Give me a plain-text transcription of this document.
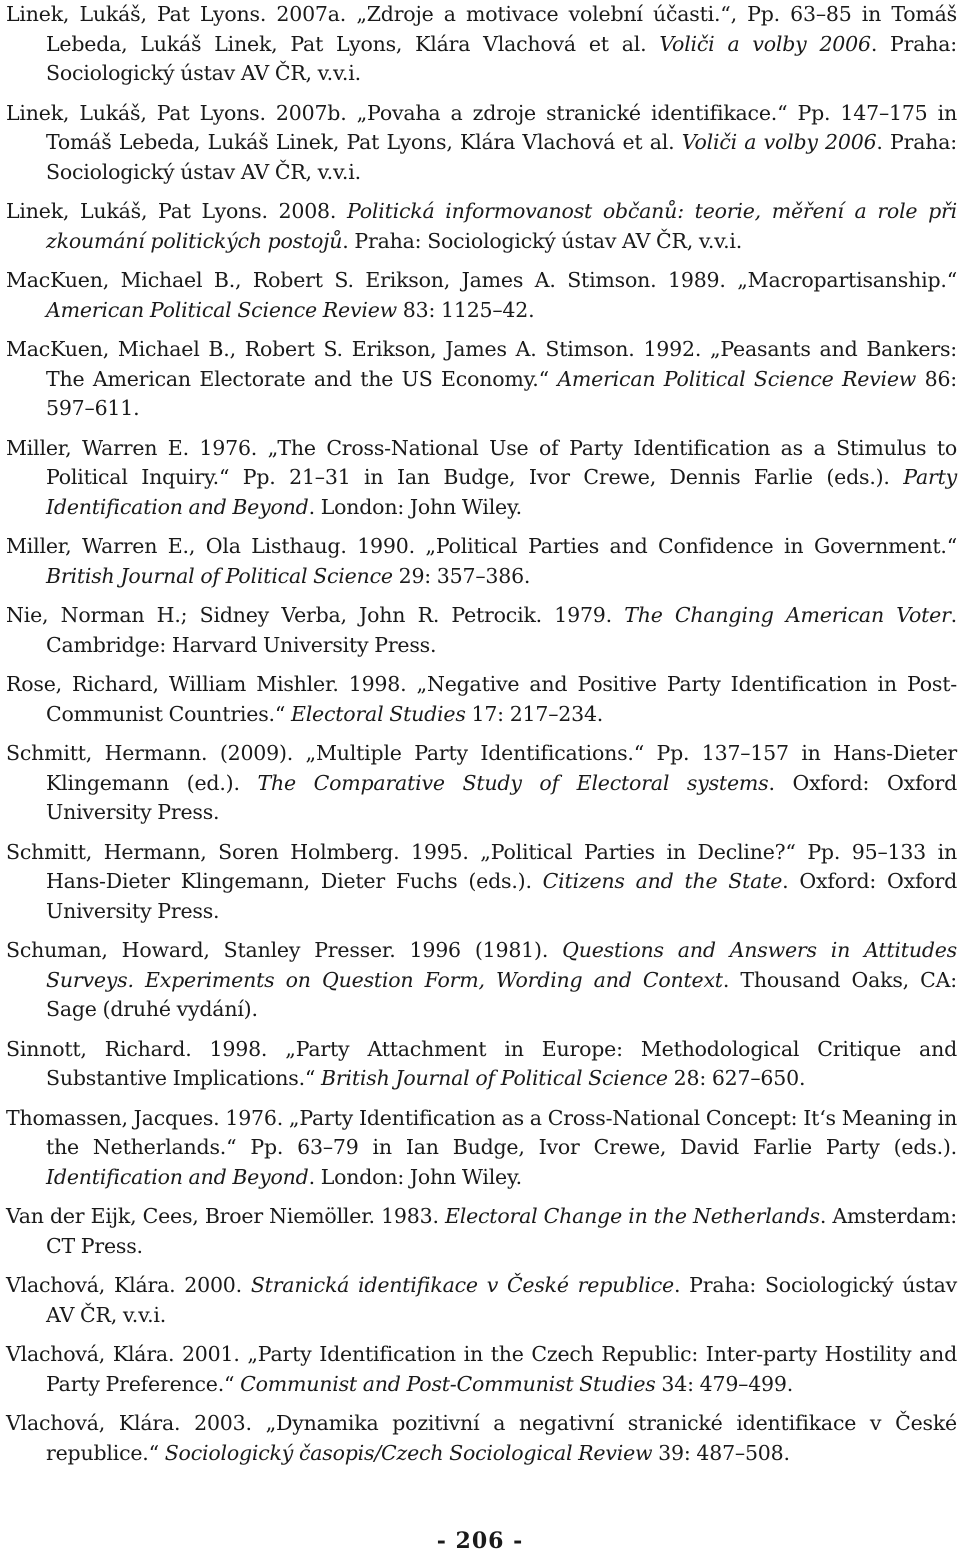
Linek, Lukáš, Pat Lyons. 2007a. „Zdroje a motivace volební účasti.“, Pp. 63–85 in Tomáš Lebeda, Lukáš Linek, Pat Lyons, Klára Vlachová et al. Voliči a volby 2006. Praha: Sociologický ústav AV ČR, v.v.i.

Linek, Lukáš, Pat Lyons. 2007b. „Povaha a zdroje stranické identifikace.“ Pp. 147–175 in Tomáš Lebeda, Lukáš Linek, Pat Lyons, Klára Vlachová et al. Voliči a volby 2006. Praha: Sociologický ústav AV ČR, v.v.i.

Linek, Lukáš, Pat Lyons. 2008. Politická informovanost občanů: teorie, měření a role při zkoumání politických postojů. Praha: Sociologický ústav AV ČR, v.v.i.

MacKuen, Michael B., Robert S. Erikson, James A. Stimson. 1989. „Macropartisanship.“ American Political Science Review 83: 1125–42.

MacKuen, Michael B., Robert S. Erikson, James A. Stimson. 1992. „Peasants and Bankers: The American Electorate and the US Economy.“ American Political Science Review 86: 597–611.

Miller, Warren E. 1976. „The Cross-National Use of Party Identification as a Stimulus to Political Inquiry.“ Pp. 21–31 in Ian Budge, Ivor Crewe, Dennis Farlie (eds.). Party Identification and Beyond. London: John Wiley.

Miller, Warren E., Ola Listhaug. 1990. „Political Parties and Confidence in Government.“ British Journal of Political Science 29: 357–386.

Nie, Norman H.; Sidney Verba, John R. Petrocik. 1979. The Changing American Voter. Cambridge: Harvard University Press.

Rose, Richard, William Mishler. 1998. „Negative and Positive Party Identification in Post-Communist Countries.“ Electoral Studies 17: 217–234.

Schmitt, Hermann. (2009). „Multiple Party Identifications.“ Pp. 137–157 in Hans-Dieter Klingemann (ed.). The Comparative Study of Electoral systems. Oxford: Oxford University Press.

Schmitt, Hermann, Soren Holmberg. 1995. „Political Parties in Decline?“ Pp. 95–133 in Hans-Dieter Klingemann, Dieter Fuchs (eds.). Citizens and the State. Oxford: Oxford University Press.

Schuman, Howard, Stanley Presser. 1996 (1981). Questions and Answers in Attitudes Surveys. Experiments on Question Form, Wording and Context. Thousand Oaks, CA: Sage (druhé vydání).

Sinnott, Richard. 1998. „Party Attachment in Europe: Methodological Critique and Substantive Implications.“ British Journal of Political Science 28: 627–650.

Thomassen, Jacques. 1976. „Party Identification as a Cross-National Concept: It‘s Meaning in the Netherlands.“ Pp. 63–79 in Ian Budge, Ivor Crewe, David Farlie Party (eds.). Identification and Beyond. London: John Wiley.

Van der Eijk, Cees, Broer Niemöller. 1983. Electoral Change in the Netherlands. Amsterdam: CT Press.

Vlachová, Klára. 2000. Stranická identifikace v České republice. Praha: Sociologický ústav AV ČR, v.v.i.

Vlachová, Klára. 2001. „Party Identification in the Czech Republic: Inter-party Hostility and Party Preference.“ Communist and Post-Communist Studies 34: 479–499.

Vlachová, Klára. 2003. „Dynamika pozitivní a negativní stranické identifikace v České republice.“ Sociologický časopis/Czech Sociological Review 39: 487–508.

- 206 -
